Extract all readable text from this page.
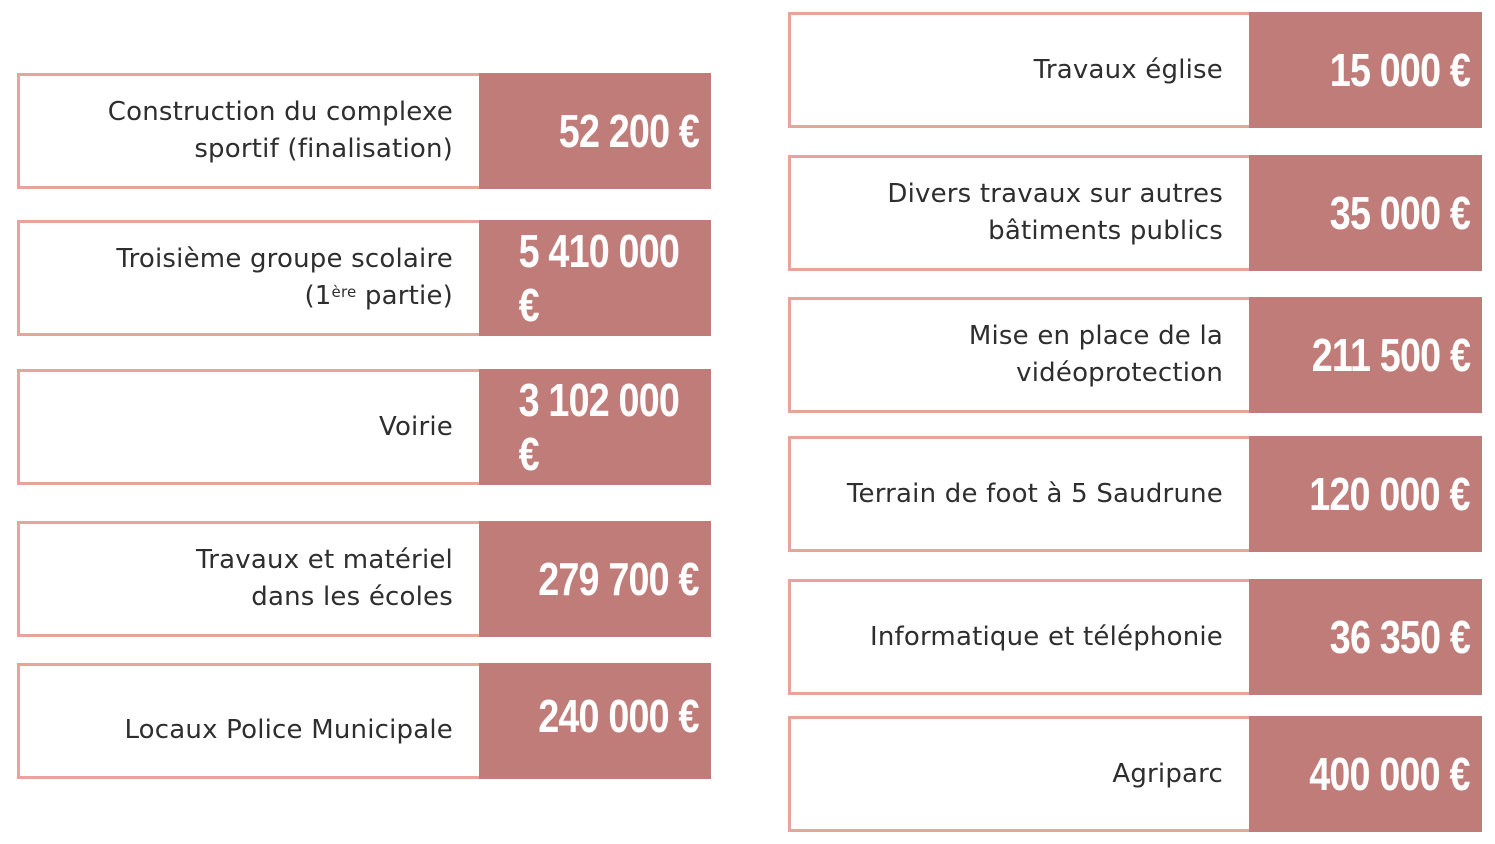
Construction du complexe
sportif (finalisation) 52 200 €
Troisième groupe scolaire
(1ère partie)
5 410 000 €
Voirie
3 102 000 €
Travaux et matériel
dans les écoles 279 700 €
Locaux Police Municipale 240 000 €
Travaux église 15 000 €
Divers travaux sur autres
bâtiments publics 35 000 €
Mise en place de la
vidéoprotection 211 500 €
Terrain de foot à 5 Saudrune 120 000 €
Informatique et téléphonie 36 350 €
Agriparc 400 000 €
